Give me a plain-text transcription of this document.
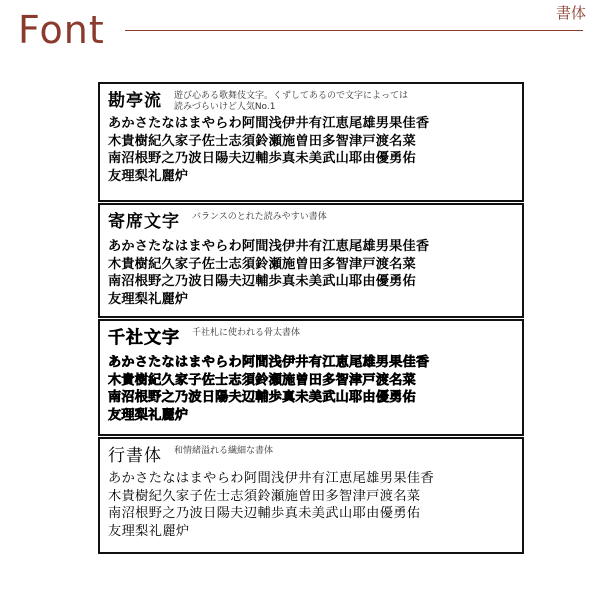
Font	書体
勘亭流 遊び心ある歌舞伎文字。くずしてあるので文字によっては
読みづらいけど人気No.1
あかさたなはまやらわ阿間浅伊井有江恵尾雄男果佳香
木貴樹紀久家子佐士志須鈴瀬施曽田多智津戸渡名菜
南沼根野之乃波日陽夫辺輔歩真未美武山耶由優勇佑
友理梨礼麗炉
寄席文字 バランスのとれた読みやすい書体
あかさたなはまやらわ阿間浅伊井有江恵尾雄男果佳香
木貴樹紀久家子佐士志須鈴瀬施曽田多智津戸渡名菜
南沼根野之乃波日陽夫辺輔歩真未美武山耶由優勇佑
友理梨礼麗炉
千社文字 千社札に使われる骨太書体
あかさたなはまやらわ阿間浅伊井有江恵尾雄男果佳香
木貴樹紀久家子佐士志須鈴瀬施曽田多智津戸渡名菜
南沼根野之乃波日陽夫辺輔歩真未美武山耶由優勇佑
友理梨礼麗炉
行書体 和情緒溢れる繊細な書体
あかさたなはまやらわ阿間浅伊井有江恵尾雄男果佳香
木貴樹紀久家子佐士志須鈴瀬施曽田多智津戸渡名菜
南沼根野之乃波日陽夫辺輔歩真未美武山耶由優勇佑
友理梨礼麗炉
